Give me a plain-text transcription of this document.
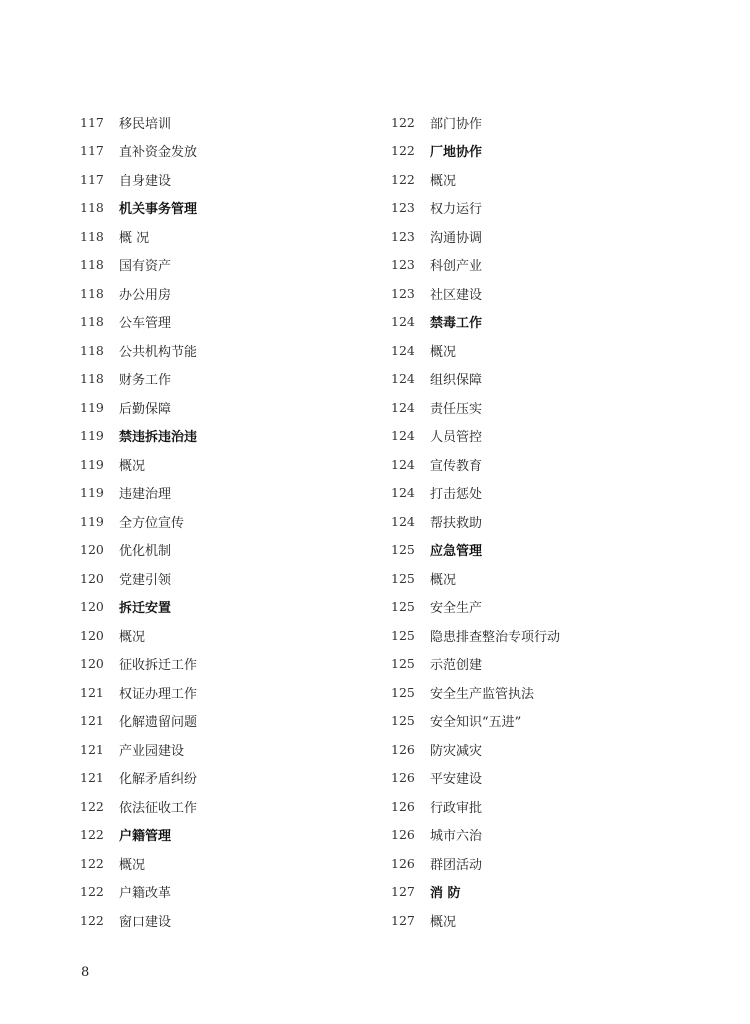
117	移民培训
117	直补资金发放
117	自身建设
118	机关事务管理
118	概 况
118	国有资产
118	办公用房
118	公车管理
118	公共机构节能
118	财务工作
119	后勤保障
119	禁违拆违治违
119	概况
119	违建治理
119	全方位宣传
120	优化机制
120	党建引领
120	拆迁安置
120	概况
120	征收拆迁工作
121	权证办理工作
121	化解遗留问题
121	产业园建设
121	化解矛盾纠纷
122	依法征收工作
122	户籍管理
122	概况
122	户籍改革
122	窗口建设
122	部门协作
122	厂地协作
122	概况
123	权力运行
123	沟通协调
123	科创产业
123	社区建设
124	禁毒工作
124	概况
124	组织保障
124	责任压实
124	人员管控
124	宣传教育
124	打击惩处
124	帮扶救助
125	应急管理
125	概况
125	安全生产
125	隐患排查整治专项行动
125	示范创建
125	安全生产监管执法
125	安全知识“五进”
126	防灾减灾
126	平安建设
126	行政审批
126	城市六治
126	群团活动
127	消 防
127	概况
8
